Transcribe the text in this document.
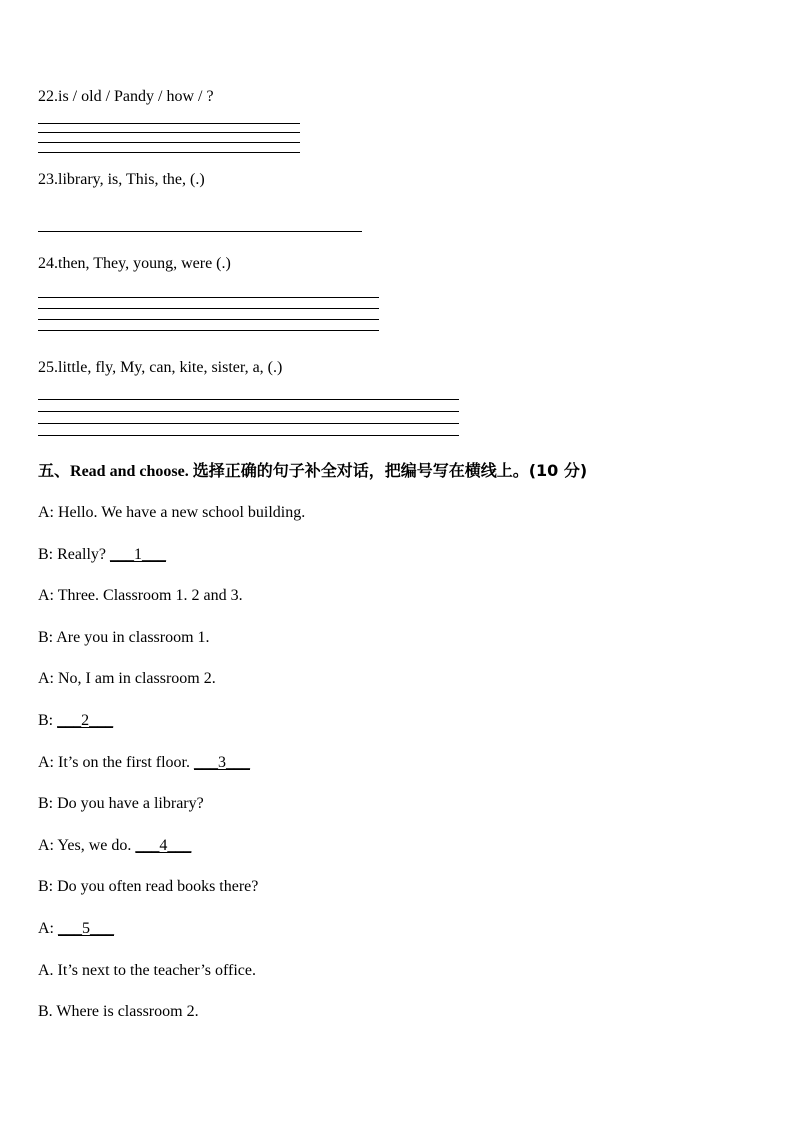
22.is / old / Pandy / how / ?
23.library, is, This, the, (.)
24.then, They, young, were (.)
25.little, fly, My, can, kite, sister, a, (.)
五、Read and choose. 选择正确的句子补全对话，把编号写在横线上。(10 分)
A: Hello. We have a new school building.
B: Really? ___1___
A: Three. Classroom 1. 2 and 3.
B: Are you in classroom 1.
A: No, I am in classroom 2.
B: ___2___
A: It’s on the first floor. ___3___
B: Do you have a library?
A: Yes, we do. ___4___
B: Do you often read books there?
A: ___5___
A. It’s next to the teacher’s office.
B. Where is classroom 2.
